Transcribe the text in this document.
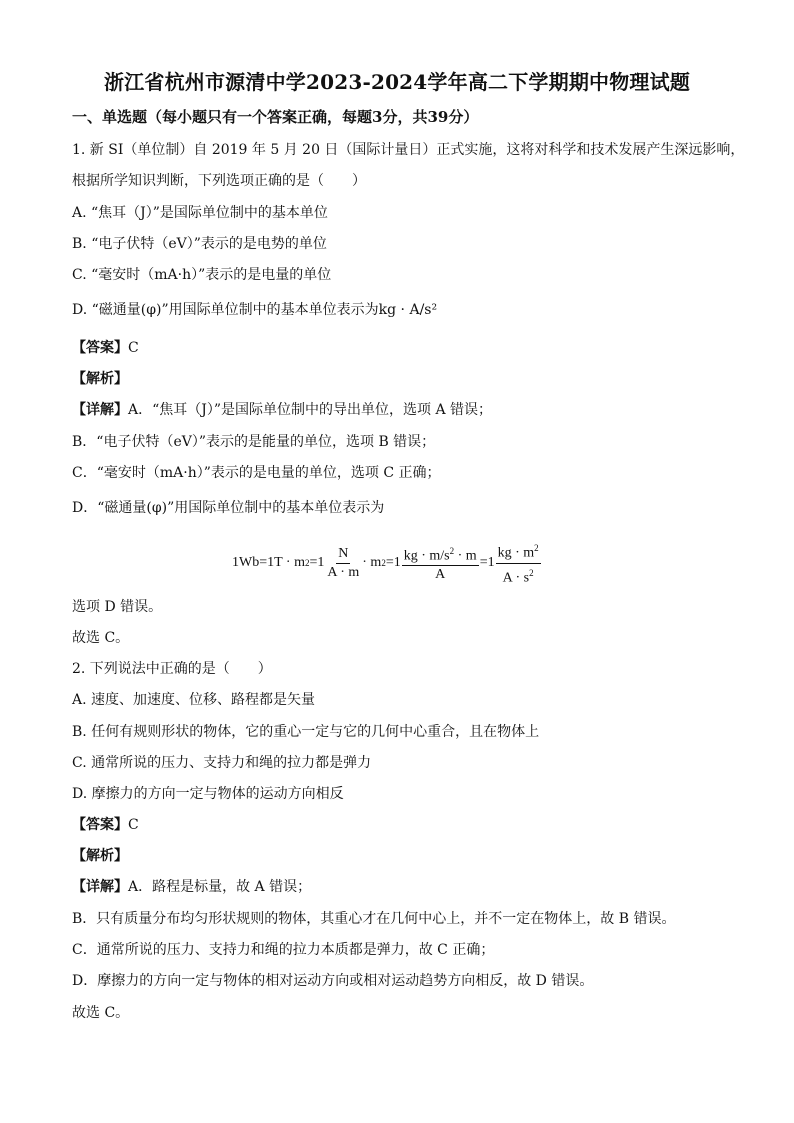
浙江省杭州市源清中学2023-2024学年高二下学期期中物理试题
一、单选题（每小题只有一个答案正确，每题3分，共39分）
1. 新 SI（单位制）自 2019 年 5 月 20 日（国际计量日）正式实施，这将对科学和技术发展产生深远影响，
根据所学知识判断，下列选项正确的是（　　）
A. “焦耳（J）”是国际单位制中的基本单位
B. “电子伏特（eV）”表示的是电势的单位
C. “毫安时（mA·h）”表示的是电量的单位
D. “磁通量(φ)”用国际单位制中的基本单位表示为kg · A/s²
【答案】C
【解析】
【详解】A．“焦耳（J）”是国际单位制中的导出单位，选项 A 错误；
B．“电子伏特（eV）”表示的是能量的单位，选项 B 错误；
C．“毫安时（mA·h）”表示的是电量的单位，选项 C 正确；
D．“磁通量(φ)”用国际单位制中的基本单位表示为
1Wb=1T · m $2 =1 \frac{N}{A \cdot m} \cdot m$ $2 =1 \frac{kg \cdot m/s^2 \cdot m}{A} =1 \frac{kg \cdot m^2}{A \cdot s^2}$
选项 D 错误。
故选 C。
2. 下列说法中正确的是（　　）
A. 速度、加速度、位移、路程都是矢量
B. 任何有规则形状的物体，它的重心一定与它的几何中心重合，且在物体上
C. 通常所说的压力、支持力和绳的拉力都是弹力
D. 摩擦力的方向一定与物体的运动方向相反
【答案】C
【解析】
【详解】A．路程是标量，故 A 错误；
B．只有质量分布均匀形状规则的物体，其重心才在几何中心上，并不一定在物体上，故 B 错误。
C．通常所说的压力、支持力和绳的拉力本质都是弹力，故 C 正确；
D．摩擦力的方向一定与物体的相对运动方向或相对运动趋势方向相反，故 D 错误。
故选 C。
